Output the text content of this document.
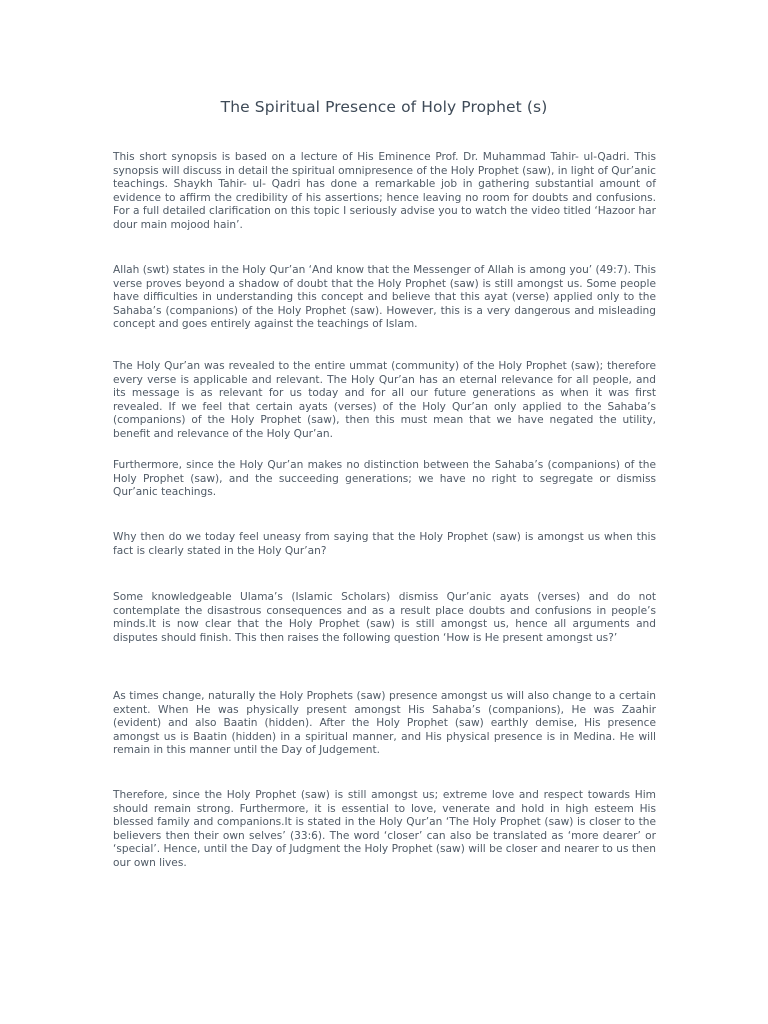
The Spiritual Presence of Holy Prophet (s)

This short synopsis is based on a lecture of His Eminence Prof. Dr. Muhammad Tahir- ul-Qadri. This synopsis will discuss in detail the spiritual omnipresence of the Holy Prophet (saw), in light of Qur’anic teachings. Shaykh Tahir- ul- Qadri has done a remarkable job in gathering substantial amount of evidence to affirm the credibility of his assertions; hence leaving no room for doubts and confusions. For a full detailed clarification on this topic I seriously advise you to watch the video titled ‘Hazoor har dour main mojood hain’.

Allah (swt) states in the Holy Qur’an ‘And know that the Messenger of Allah is among you’ (49:7). This verse proves beyond a shadow of doubt that the Holy Prophet (saw) is still amongst us. Some people have difficulties in understanding this concept and believe that this ayat (verse) applied only to the Sahaba’s (companions) of the Holy Prophet (saw). However, this is a very dangerous and misleading concept and goes entirely against the teachings of Islam.

The Holy Qur’an was revealed to the entire ummat (community) of the Holy Prophet (saw); therefore every verse is applicable and relevant. The Holy Qur’an has an eternal relevance for all people, and its message is as relevant for us today and for all our future generations as when it was first revealed. If we feel that certain ayats (verses) of the Holy Qur’an only applied to the Sahaba’s (companions) of the Holy Prophet (saw), then this must mean that we have negated the utility, benefit and relevance of the Holy Qur’an.

Furthermore, since the Holy Qur’an makes no distinction between the Sahaba’s (companions) of the Holy Prophet (saw), and the succeeding generations; we have no right to segregate or dismiss Qur’anic teachings.

Why then do we today feel uneasy from saying that the Holy Prophet (saw) is amongst us when this fact is clearly stated in the Holy Qur’an?

Some knowledgeable Ulama’s (Islamic Scholars) dismiss Qur’anic ayats (verses) and do not contemplate the disastrous consequences and as a result place doubts and confusions in people’s minds.It is now clear that the Holy Prophet (saw) is still amongst us, hence all arguments and disputes should finish. This then raises the following question ‘How is He present amongst us?’

As times change, naturally the Holy Prophets (saw) presence amongst us will also change to a certain extent. When He was physically present amongst His Sahaba’s (companions), He was Zaahir (evident) and also Baatin (hidden). After the Holy Prophet (saw) earthly demise, His presence amongst us is Baatin (hidden) in a spiritual manner, and His physical presence is in Medina. He will remain in this manner until the Day of Judgement.

Therefore, since the Holy Prophet (saw) is still amongst us; extreme love and respect towards Him should remain strong. Furthermore, it is essential to love, venerate and hold in high esteem His blessed family and companions.It is stated in the Holy Qur’an ‘The Holy Prophet (saw) is closer to the believers then their own selves’ (33:6). The word ‘closer’ can also be translated as ‘more dearer’ or ‘special’. Hence, until the Day of Judgment the Holy Prophet (saw) will be closer and nearer to us then our own lives.
